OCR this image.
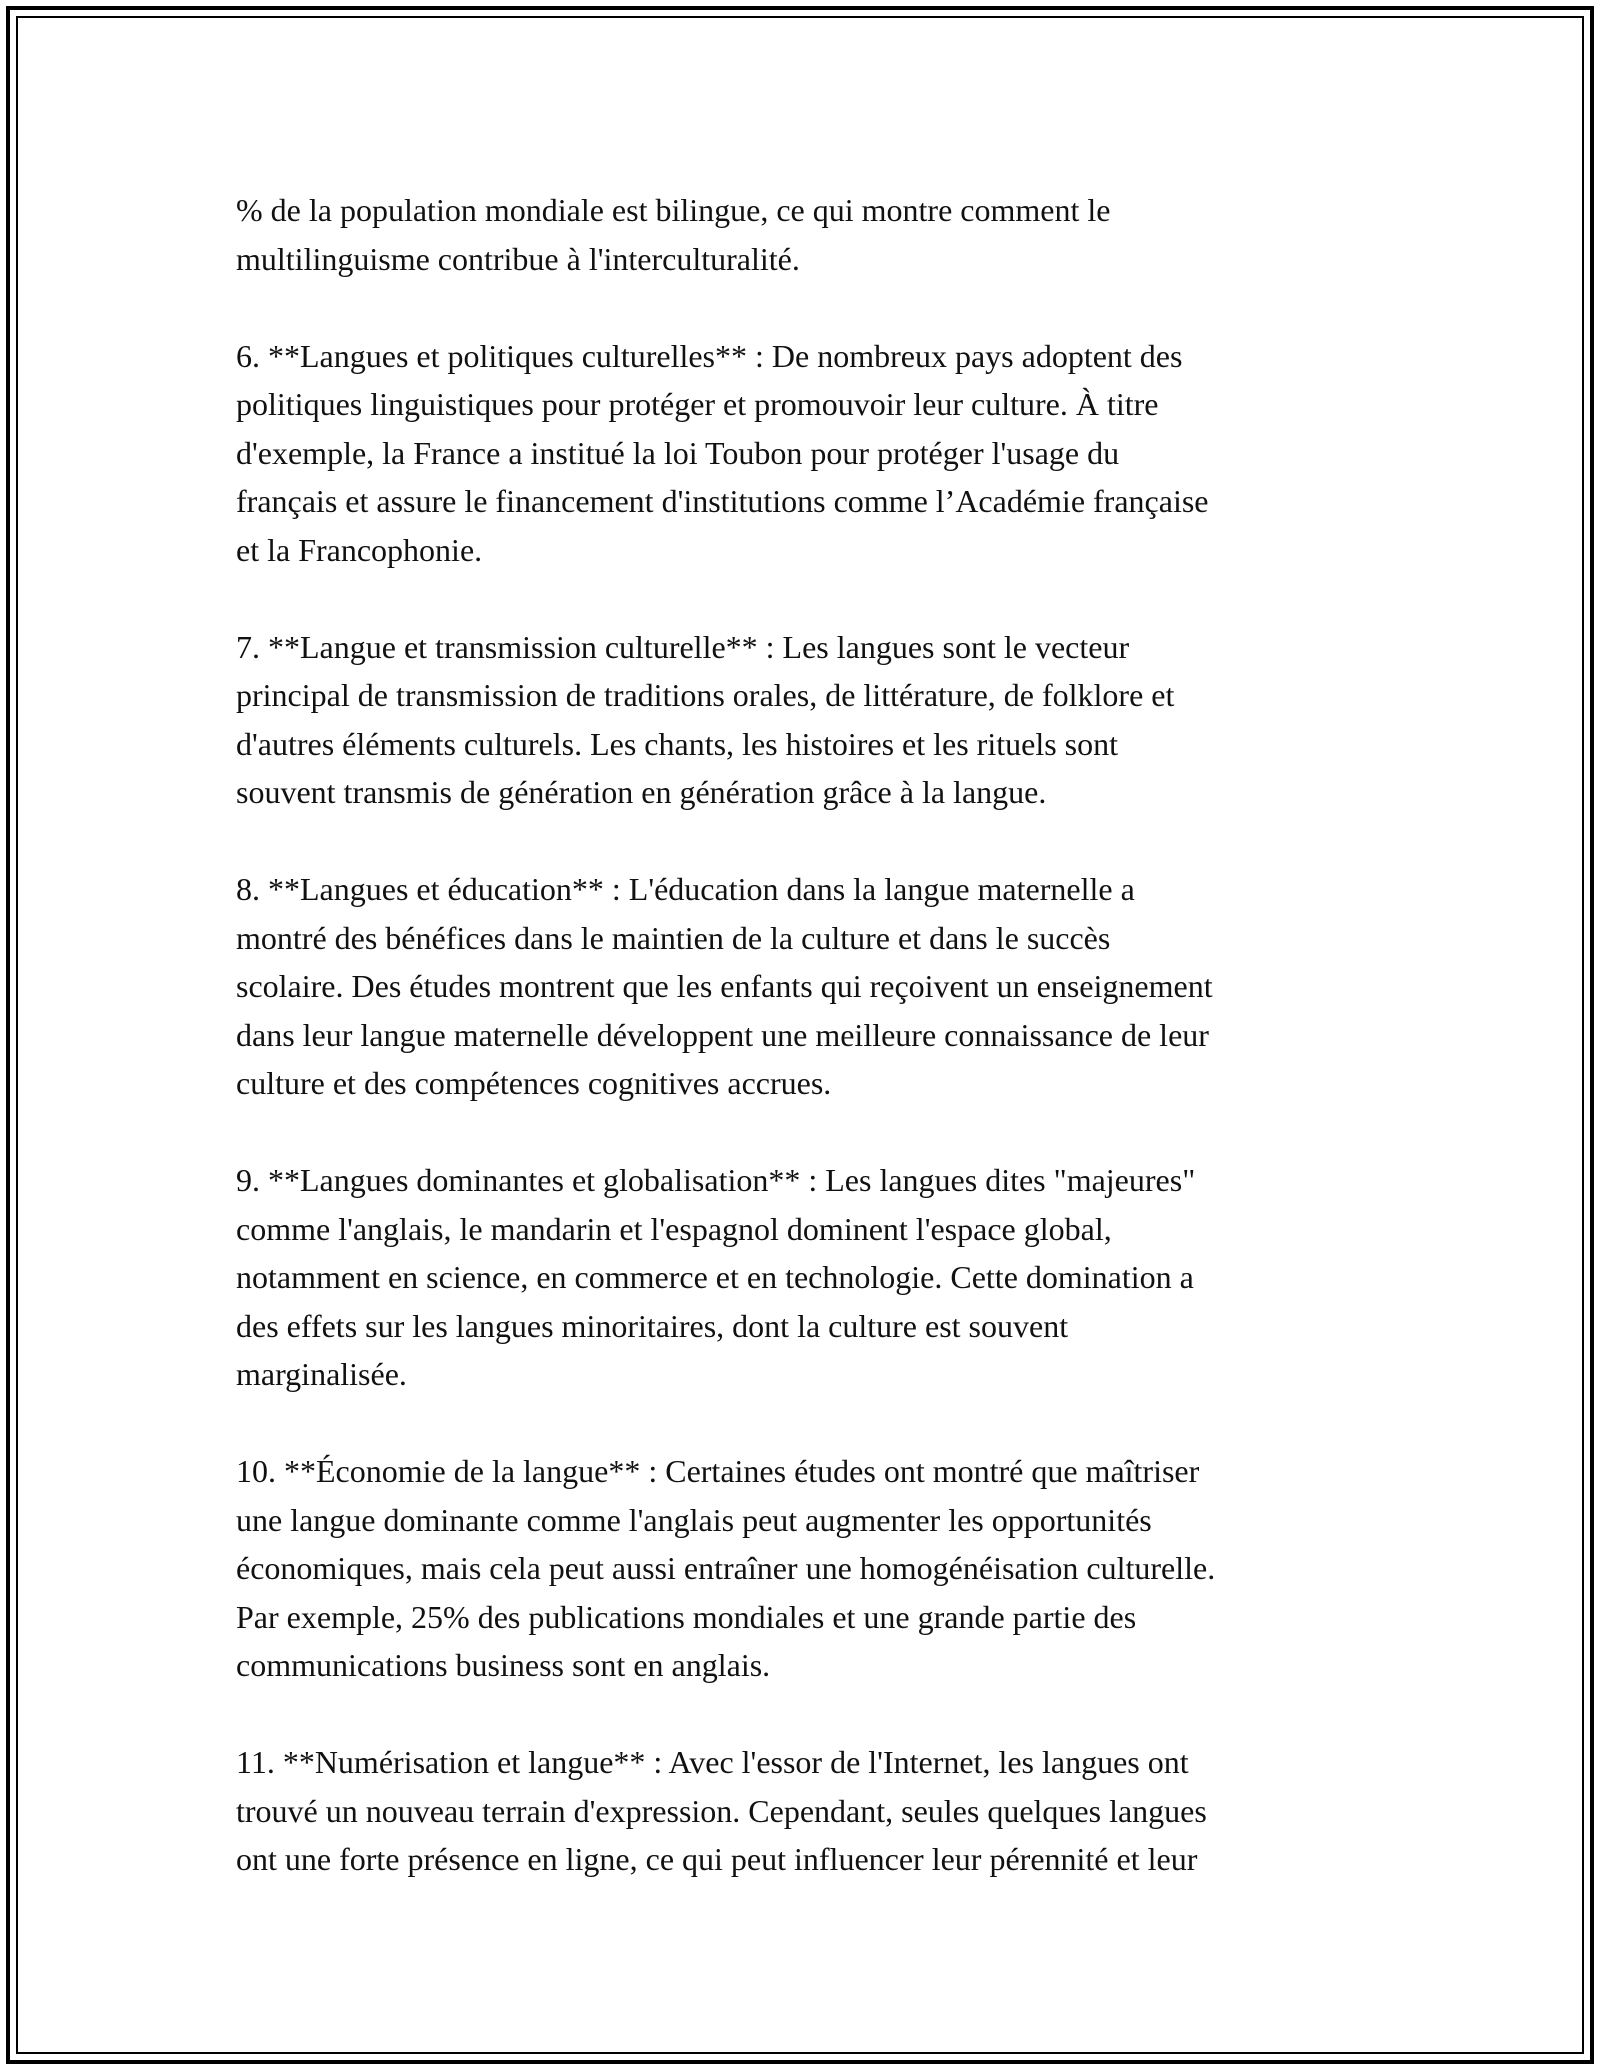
% de la population mondiale est bilingue, ce qui montre comment le
multilinguisme contribue à l'interculturalité.

6. **Langues et politiques culturelles** : De nombreux pays adoptent des
politiques linguistiques pour protéger et promouvoir leur culture. À titre
d'exemple, la France a institué la loi Toubon pour protéger l'usage du
français et assure le financement d'institutions comme l’Académie française
et la Francophonie.

7. **Langue et transmission culturelle** : Les langues sont le vecteur
principal de transmission de traditions orales, de littérature, de folklore et
d'autres éléments culturels. Les chants, les histoires et les rituels sont
souvent transmis de génération en génération grâce à la langue.

8. **Langues et éducation** : L'éducation dans la langue maternelle a
montré des bénéfices dans le maintien de la culture et dans le succès
scolaire. Des études montrent que les enfants qui reçoivent un enseignement
dans leur langue maternelle développent une meilleure connaissance de leur
culture et des compétences cognitives accrues.

9. **Langues dominantes et globalisation** : Les langues dites "majeures"
comme l'anglais, le mandarin et l'espagnol dominent l'espace global,
notamment en science, en commerce et en technologie. Cette domination a
des effets sur les langues minoritaires, dont la culture est souvent
marginalisée.

10. **Économie de la langue** : Certaines études ont montré que maîtriser
une langue dominante comme l'anglais peut augmenter les opportunités
économiques, mais cela peut aussi entraîner une homogénéisation culturelle.
Par exemple, 25% des publications mondiales et une grande partie des
communications business sont en anglais.

11. **Numérisation et langue** : Avec l'essor de l'Internet, les langues ont
trouvé un nouveau terrain d'expression. Cependant, seules quelques langues
ont une forte présence en ligne, ce qui peut influencer leur pérennité et leur
